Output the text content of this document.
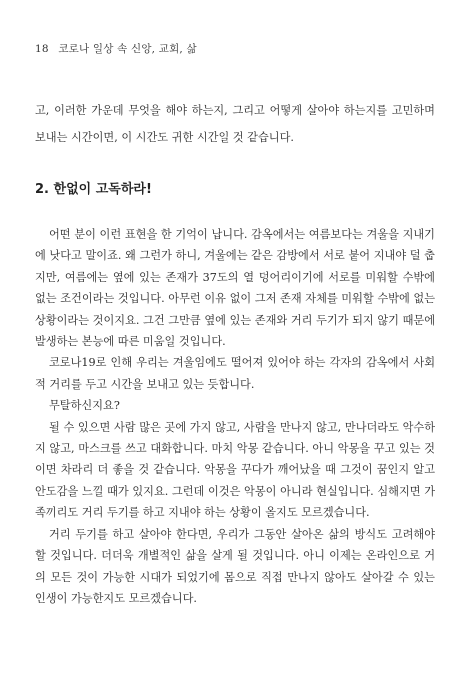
18 코로나 일상 속 신앙, 교회, 삶

고, 이러한 가운데 무엇을 해야 하는지, 그리고 어떻게 살아야 하는지를 고민하며 보내는 시간이면, 이 시간도 귀한 시간일 것 같습니다.

2. 한없이 고독하라!

어떤 분이 이런 표현을 한 기억이 납니다. 감옥에서는 여름보다는 겨울을 지내기에 낫다고 말이죠. 왜 그런가 하니, 겨울에는 같은 감방에서 서로 붙어 지내야 덜 춥지만, 여름에는 옆에 있는 존재가 37도의 열 덩어리이기에 서로를 미워할 수밖에 없는 조건이라는 것입니다. 아무런 이유 없이 그저 존재 자체를 미워할 수밖에 없는 상황이라는 것이지요. 그건 그만큼 옆에 있는 존재와 거리 두기가 되지 않기 때문에 발생하는 본능에 따른 미움일 것입니다.

코로나19로 인해 우리는 겨울임에도 떨어져 있어야 하는 각자의 감옥에서 사회적 거리를 두고 시간을 보내고 있는 듯합니다.

무탈하신지요?

될 수 있으면 사람 많은 곳에 가지 않고, 사람을 만나지 않고, 만나더라도 악수하지 않고, 마스크를 쓰고 대화합니다. 마치 악몽 같습니다. 아니 악몽을 꾸고 있는 것이면 차라리 더 좋을 것 같습니다. 악몽을 꾸다가 깨어났을 때 그것이 꿈인지 알고 안도감을 느낄 때가 있지요. 그런데 이것은 악몽이 아니라 현실입니다. 심해지면 가족끼리도 거리 두기를 하고 지내야 하는 상황이 올지도 모르겠습니다.

거리 두기를 하고 살아야 한다면, 우리가 그동안 살아온 삶의 방식도 고려해야 할 것입니다. 더더욱 개별적인 삶을 살게 될 것입니다. 아니 이제는 온라인으로 거의 모든 것이 가능한 시대가 되었기에 몸으로 직접 만나지 않아도 살아갈 수 있는 인생이 가능한지도 모르겠습니다.
